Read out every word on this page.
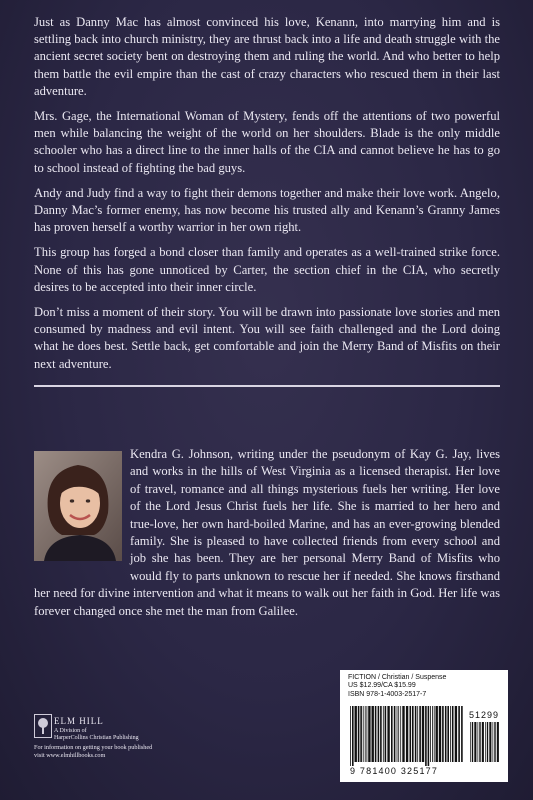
Just as Danny Mac has almost convinced his love, Kenann, into marrying him and is settling back into church ministry, they are thrust back into a life and death struggle with the ancient secret society bent on destroying them and ruling the world. And who better to help them battle the evil empire than the cast of crazy characters who rescued them in their last adventure.

Mrs. Gage, the International Woman of Mystery, fends off the attentions of two powerful men while balancing the weight of the world on her shoulders. Blade is the only middle schooler who has a direct line to the inner halls of the CIA and cannot believe he has to go to school instead of fighting the bad guys.

Andy and Judy find a way to fight their demons together and make their love work. Angelo, Danny Mac’s former enemy, has now become his trusted ally and Kenann’s Granny James has proven herself a worthy warrior in her own right.

This group has forged a bond closer than family and operates as a well-trained strike force. None of this has gone unnoticed by Carter, the section chief in the CIA, who secretly desires to be accepted into their inner circle.

Don’t miss a moment of their story. You will be drawn into passionate love stories and men consumed by madness and evil intent. You will see faith challenged and the Lord doing what he does best. Settle back, get comfortable and join the Merry Band of Misfits on their next adventure.

Kendra G. Johnson, writing under the pseudonym of Kay G. Jay, lives and works in the hills of West Virginia as a licensed therapist. Her love of travel, romance and all things mysterious fuels her writing. Her love of the Lord Jesus Christ fuels her life. She is married to her hero and true-love, her own hard-boiled Marine, and has an ever-growing blended family. She is pleased to have collected friends from every school and job she has been. They are her personal Merry Band of Misfits who would fly to parts unknown to rescue her if needed. She knows firsthand her need for divine intervention and what it means to walk out her faith in God. Her life was forever changed once she met the man from Galilee.
ELM HILL
A Division of
HarperCollins Christian Publishing
For information on getting your book published
visit www.elmhillbooks.com
FICTION / Christian / Suspense
US $12.99/CA $15.99
ISBN 978-1-4003-2517-7
51299
9 781400 325177
